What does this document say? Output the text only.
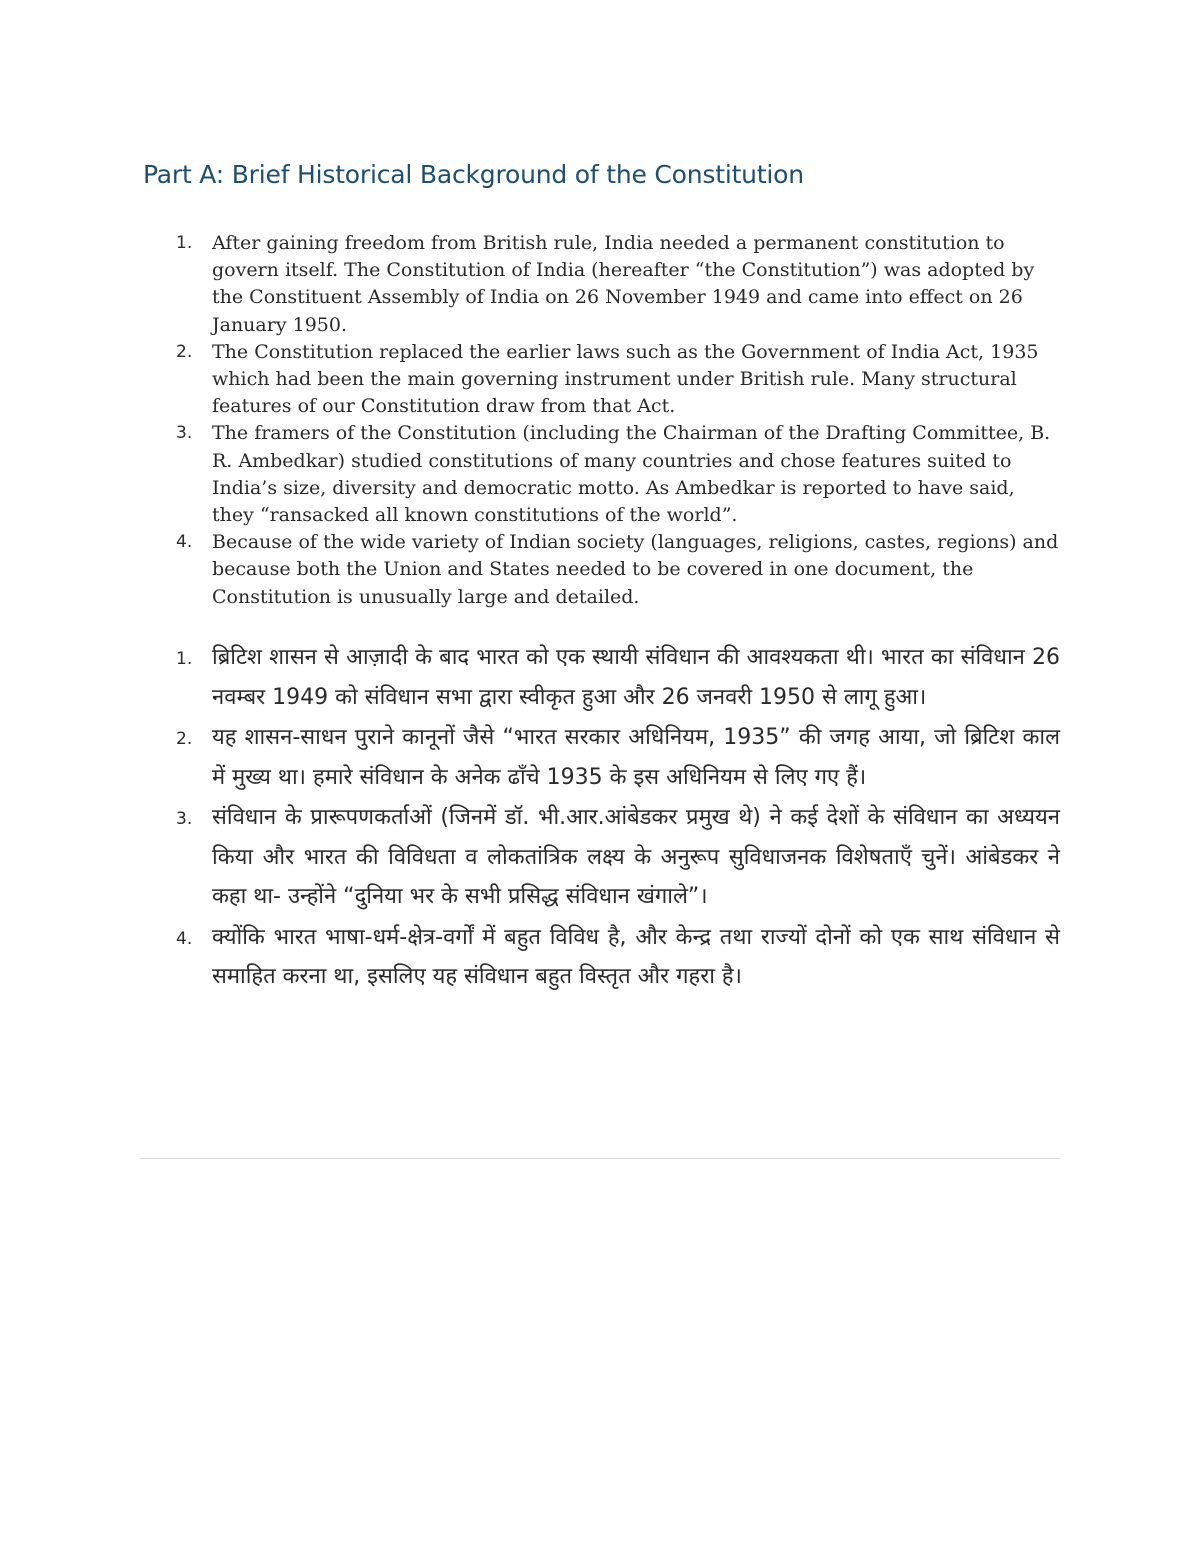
Part A: Brief Historical Background of the Constitution
1. After gaining freedom from British rule, India needed a permanent constitution to govern itself. The Constitution of India (hereafter “the Constitution”) was adopted by the Constituent Assembly of India on 26 November 1949 and came into effect on 26 January 1950.
2. The Constitution replaced the earlier laws such as the Government of India Act, 1935 which had been the main governing instrument under British rule. Many structural features of our Constitution draw from that Act.
3. The framers of the Constitution (including the Chairman of the Drafting Committee, B. R. Ambedkar) studied constitutions of many countries and chose features suited to India’s size, diversity and democratic motto. As Ambedkar is reported to have said, they “ransacked all known constitutions of the world”.
4. Because of the wide variety of Indian society (languages, religions, castes, regions) and because both the Union and States needed to be covered in one document, the Constitution is unusually large and detailed.
1. ब्रिटिश शासन से आज़ादी के बाद भारत को एक स्थायी संविधान की आवश्यकता थी। भारत का संविधान 26 नवम्बर 1949 को संविधान सभा द्वारा स्वीकृत हुआ और 26 जनवरी 1950 से लागू हुआ।
2. यह शासन-साधन पुराने कानूनों जैसे “भारत सरकार अधिनियम, 1935” की जगह आया, जो ब्रिटिश काल में मुख्य था। हमारे संविधान के अनेक ढाँचे 1935 के इस अधिनियम से लिए गए हैं।
3. संविधान के प्रारूपणकर्ताओं (जिनमें डॉ. भी.आर.आंबेडकर प्रमुख थे) ने कई देशों के संविधान का अध्ययन किया और भारत की विविधता व लोकतांत्रिक लक्ष्य के अनुरूप सुविधाजनक विशेषताएँ चुनें। आंबेडकर ने कहा था- उन्होंने “दुनिया भर के सभी प्रसिद्ध संविधान खंगाले”।
4. क्योंकि भारत भाषा-धर्म-क्षेत्र-वर्गों में बहुत विविध है, और केन्द्र तथा राज्यों दोनों को एक साथ संविधान से समाहित करना था, इसलिए यह संविधान बहुत विस्तृत और गहरा है।
